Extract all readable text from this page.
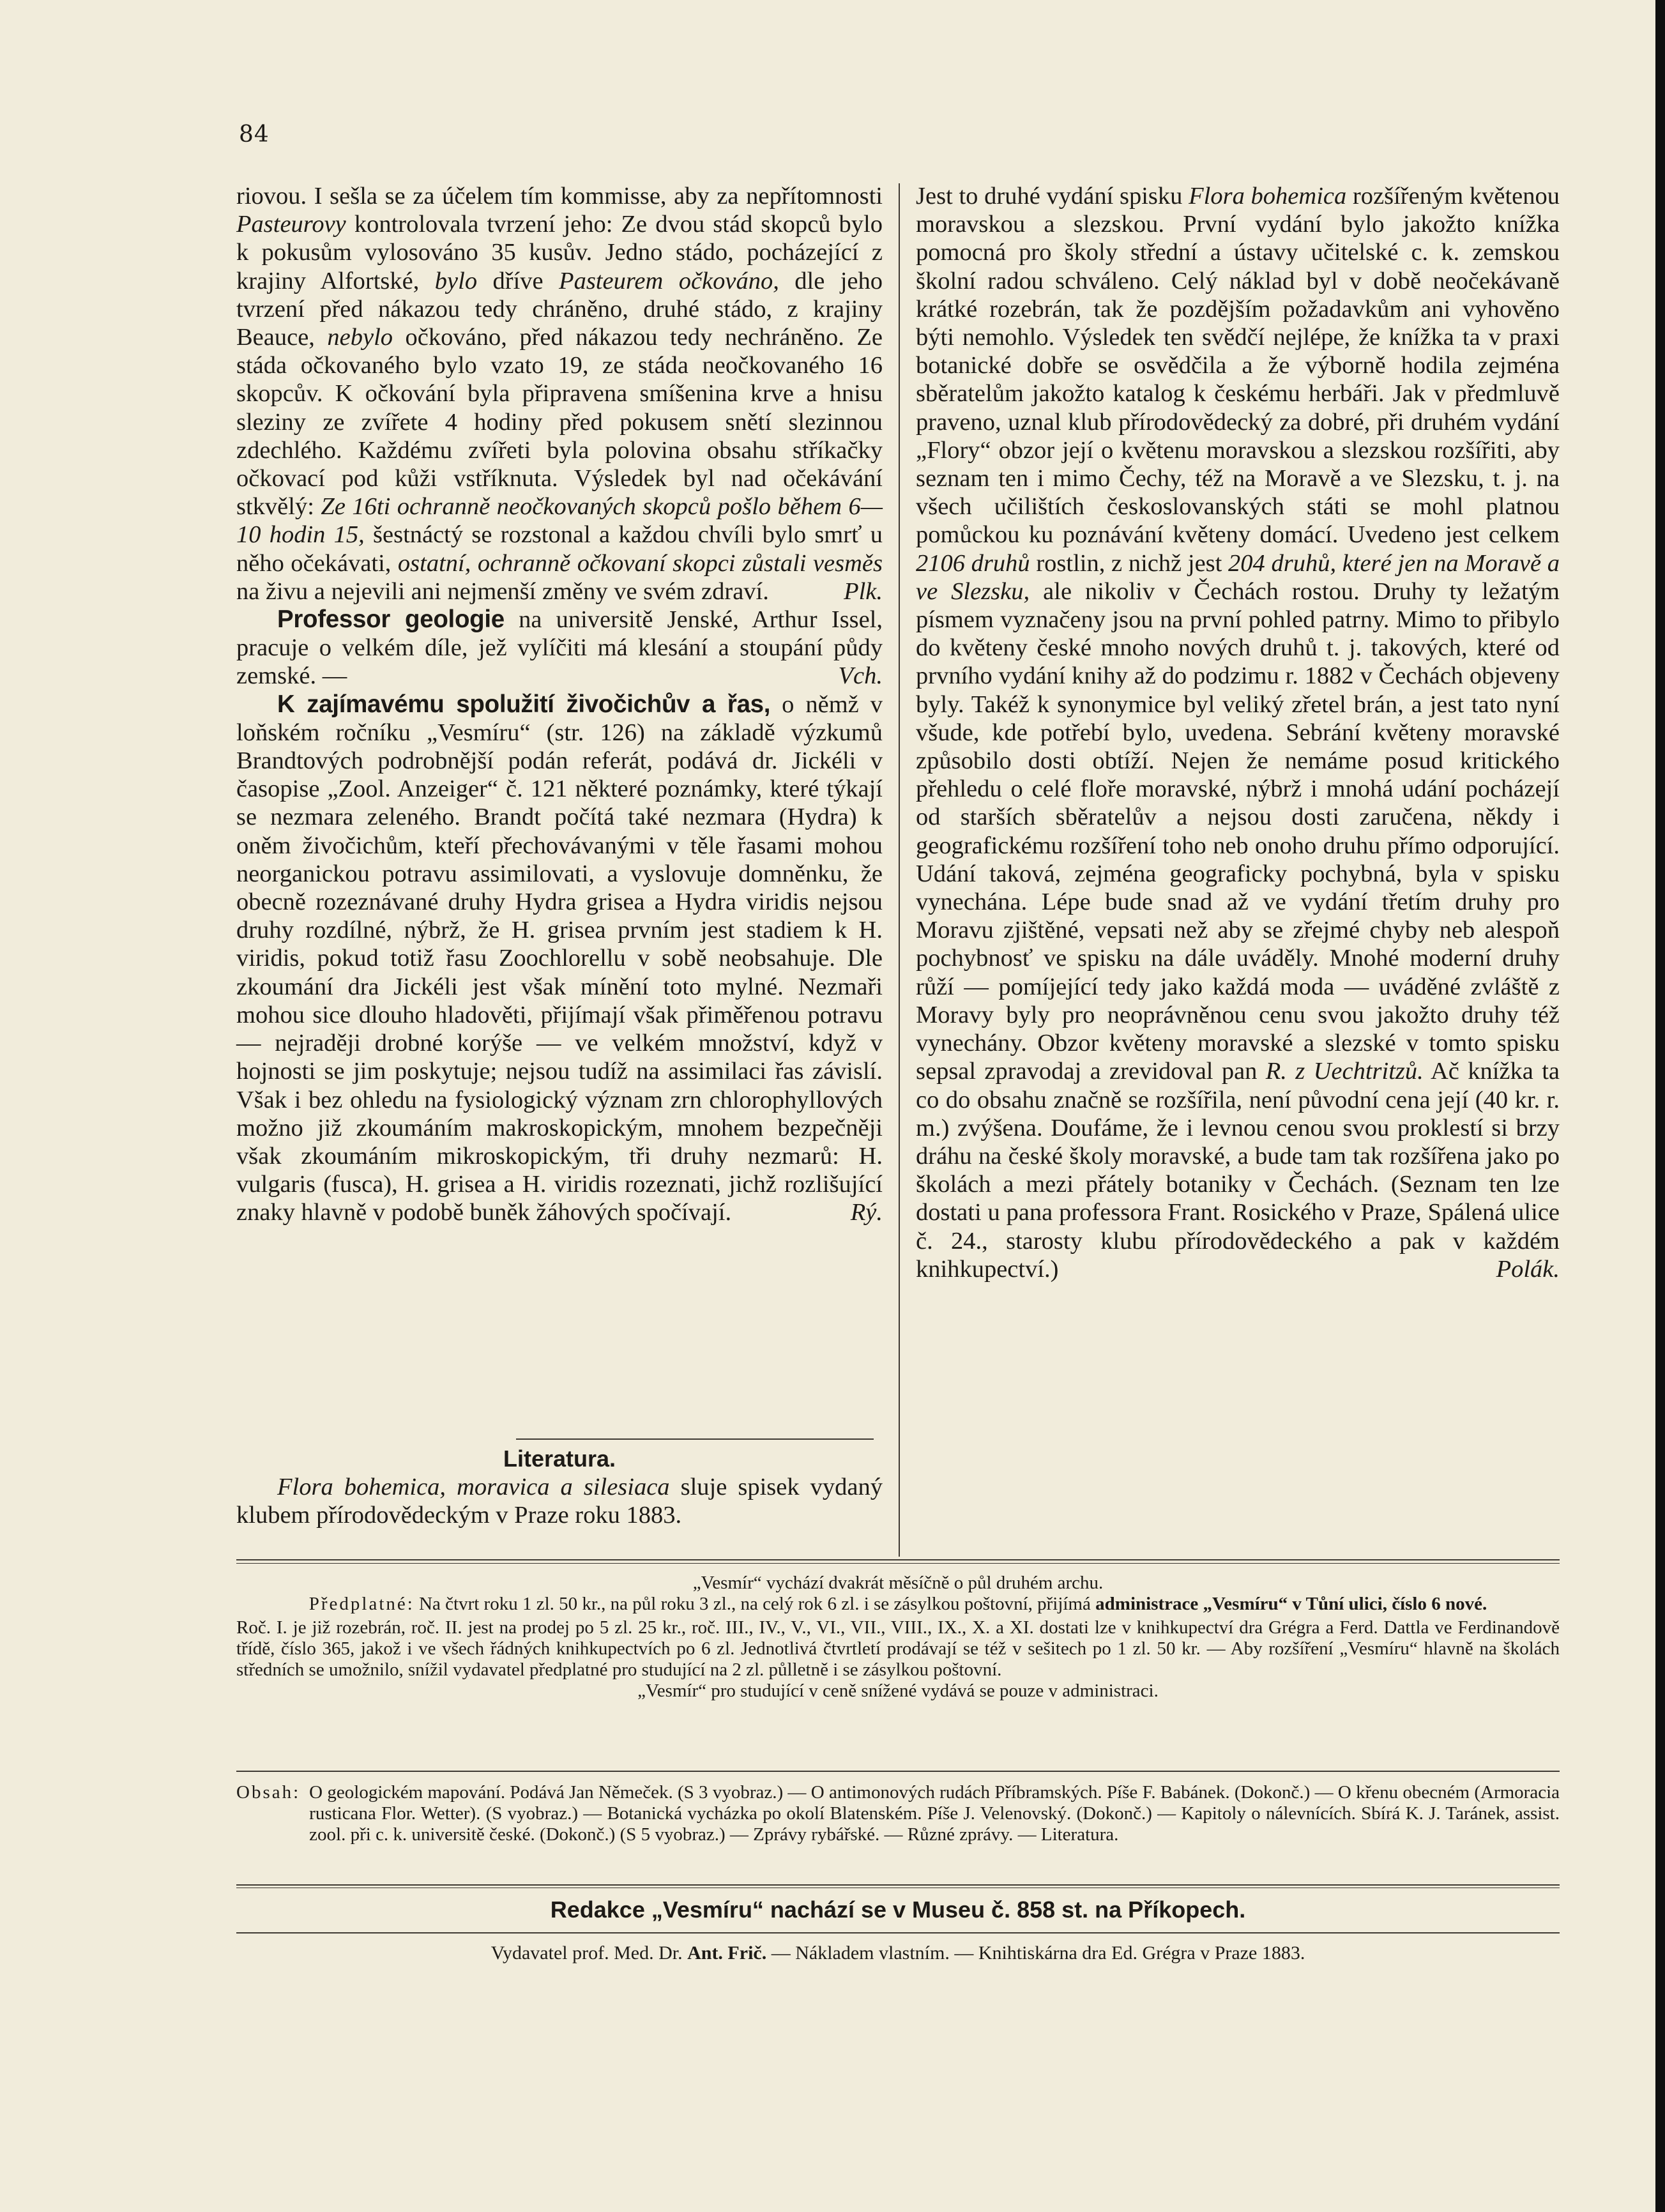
84

riovou. I sešla se za účelem tím kommisse, aby za nepřítomnosti Pasteurovy kontrolovala tvrzení jeho: Ze dvou stád skopců bylo k pokusům vylosováno 35 kusův. Jedno stádo, pocházející z krajiny Alfortské, bylo dříve Pasteurem očkováno, dle jeho tvrzení před nákazou tedy chráněno, druhé stádo, z krajiny Beauce, nebylo očkováno, před nákazou tedy nechráněno. Ze stáda očkovaného bylo vzato 19, ze stáda neočkovaného 16 skopcův. K očkování byla připravena smíšenina krve a hnisu sleziny ze zvířete 4 hodiny před pokusem snětí slezinnou zdechlého. Každému zvířeti byla polovina obsahu stříkačky očkovací pod kůži vstříknuta. Výsledek byl nad očekávání stkvělý: Ze 16ti ochranně neočkovaných skopců pošlo během 6—10 hodin 15, šestnáctý se rozstonal a každou chvíli bylo smrť u něho očekávati, ostatní, ochranně očkovaní skopci zůstali vesměs na živu a nejevili ani nejmenší změny ve svém zdraví.	Plk.

Professor geologie na universitě Jenské, Arthur Issel, pracuje o velkém díle, jež vylíčiti má klesání a stoupání půdy zemské. —	Vch.

K zajímavému spolužití živočichův a řas, o němž v loňském ročníku „Vesmíru“ (str. 126) na základě výzkumů Brandtových podrobnější podán referát, podává dr. Jickéli v časopise „Zool. Anzeiger“ č. 121 některé poznámky, které týkají se nezmara zeleného. Brandt počítá také nezmara (Hydra) k oněm živočichům, kteří přechovávanými v těle řasami mohou neorganickou potravu assimilovati, a vyslovuje domněnku, že obecně rozeznávané druhy Hydra grisea a Hydra viridis nejsou druhy rozdílné, nýbrž, že H. grisea prvním jest stadiem k H. viridis, pokud totiž řasu Zoochlorellu v sobě neobsahuje. Dle zkoumání dra Jickéli jest však mínění toto mylné. Nezmaři mohou sice dlouho hladověti, přijímají však přiměřenou potravu — nejraději drobné korýše — ve velkém množství, když v hojnosti se jim poskytuje; nejsou tudíž na assimilaci řas závislí. Však i bez ohledu na fysiologický význam zrn chlorophyllových možno již zkoumáním makroskopickým, mnohem bezpečněji však zkoumáním mikroskopickým, tři druhy nezmarů: H. vulgaris (fusca), H. grisea a H. viridis rozeznati, jichž rozlišující znaky hlavně v podobě buněk žáhových spočívají.	Rý.

Literatura.

Flora bohemica, moravica a silesiaca sluje spisek vydaný klubem přírodovědeckým v Praze roku 1883.

Jest to druhé vydání spisku Flora bohemica rozšířeným květenou moravskou a slezskou. První vydání bylo jakožto knížka pomocná pro školy střední a ústavy učitelské c. k. zemskou školní radou schváleno. Celý náklad byl v době neočekávaně krátké rozebrán, tak že pozdějším požadavkům ani vyhověno býti nemohlo. Výsledek ten svědčí nejlépe, že knížka ta v praxi botanické dobře se osvědčila a že výborně hodila zejména sběratelům jakožto katalog k českému herbáři. Jak v předmluvě praveno, uznal klub přírodovědecký za dobré, při druhém vydání „Flory“ obzor její o květenu moravskou a slezskou rozšířiti, aby seznam ten i mimo Čechy, též na Moravě a ve Slezsku, t. j. na všech učilištích českoslovanských státi se mohl platnou pomůckou ku poznávání květeny domácí. Uvedeno jest celkem 2106 druhů rostlin, z nichž jest 204 druhů, které jen na Moravě a ve Slezsku, ale nikoliv v Čechách rostou. Druhy ty ležatým písmem vyznačeny jsou na první pohled patrny. Mimo to přibylo do květeny české mnoho nových druhů t. j. takových, které od prvního vydání knihy až do podzimu r. 1882 v Čechách objeveny byly. Takéž k synonymice byl veliký zřetel brán, a jest tato nyní všude, kde potřebí bylo, uvedena. Sebrání květeny moravské způsobilo dosti obtíží. Nejen že nemáme posud kritického přehledu o celé floře moravské, nýbrž i mnohá udání pocházejí od starších sběratelův a nejsou dosti zaručena, někdy i geografickému rozšíření toho neb onoho druhu přímo odporující. Udání taková, zejména geograficky pochybná, byla v spisku vynechána. Lépe bude snad až ve vydání třetím druhy pro Moravu zjištěné, vepsati než aby se zřejmé chyby neb alespoň pochybnosť ve spisku na dále uváděly. Mnohé moderní druhy růží — pomíjející tedy jako každá moda — uváděné zvláště z Moravy byly pro neoprávněnou cenu svou jakožto druhy též vynechány. Obzor květeny moravské a slezské v tomto spisku sepsal zpravodaj a zrevidoval pan R. z Uechtritzů. Ač knížka ta co do obsahu značně se rozšířila, není původní cena její (40 kr. r. m.) zvýšena. Doufáme, že i levnou cenou svou proklestí si brzy dráhu na české školy moravské, a bude tam tak rozšířena jako po školách a mezi přátely botaniky v Čechách. (Seznam ten lze dostati u pana professora Frant. Rosického v Praze, Spálená ulice č. 24., starosty klubu přírodovědeckého a pak v každém knihkupectví.)	Polák.

„Vesmír“ vychází dvakrát měsíčně o půl druhém archu.

Předplatné: Na čtvrt roku 1 zl. 50 kr., na půl roku 3 zl., na celý rok 6 zl. i se zásylkou poštovní, přijímá administrace „Vesmíru“ v Tůní ulici, číslo 6 nové.

Roč. I. je již rozebrán, roč. II. jest na prodej po 5 zl. 25 kr., roč. III., IV., V., VI., VII., VIII., IX., X. a XI. dostati lze v knihkupectví dra Grégra a Ferd. Dattla ve Ferdinandově třídě, číslo 365, jakož i ve všech řádných knihkupectvích po 6 zl. Jednotlivá čtvrtletí prodávají se též v sešitech po 1 zl. 50 kr. — Aby rozšíření „Vesmíru“ hlavně na školách středních se umožnilo, snížil vydavatel předplatné pro studující na 2 zl. půlletně i se zásylkou poštovní.

„Vesmír“ pro studující v ceně snížené vydává se pouze v administraci.

Obsah: O geologickém mapování. Podává Jan Němeček. (S 3 vyobraz.) — O antimonových rudách Příbramských. Píše F. Babánek. (Dokonč.) — O křenu obecném (Armoracia rusticana Flor. Wetter). (S vyobraz.) — Botanická vycházka po okolí Blatenském. Píše J. Velenovský. (Dokonč.) — Kapitoly o nálevnících. Sbírá K. J. Taránek, assist. zool. při c. k. universitě české. (Dokonč.) (S 5 vyobraz.) — Zprávy rybářské. — Různé zprávy. — Literatura.
Redakce „Vesmíru“ nachází se v Museu č. 858 st. na Příkopech.
Vydavatel prof. Med. Dr. Ant. Frič. — Nákladem vlastním. — Knihtiskárna dra Ed. Grégra v Praze 1883.
